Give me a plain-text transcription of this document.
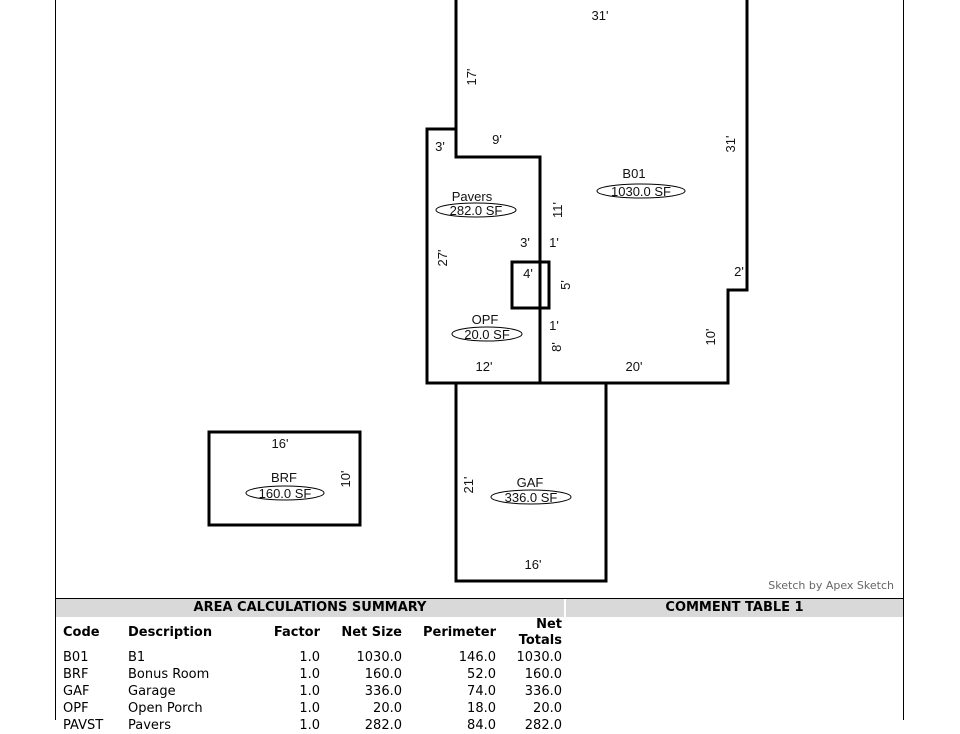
B01
1030.0 SF
Pavers
282.0 SF
OPF
20.0 SF
BRF
160.0 SF
GAF
336.0 SF
31'
17'
9'
3'	31'
11'
3' 1'
27'
4'
5'
2'
1'
10'
8'
12'	20'
16'
10'	21'
16'
Sketch by Apex Sketch
AREA CALCULATIONS SUMMARY
Code	Description	Factor	Net Size	Perimeter	Net Totals
B01	B1	1.0	1030.0	146.0	1030.0
BRF	Bonus Room	1.0	160.0	52.0	160.0
GAF	Garage	1.0	336.0	74.0	336.0
OPF	Open Porch	1.0	20.0	18.0	20.0
PAVST	Pavers	1.0	282.0	84.0	282.0
COMMENT TABLE 1
